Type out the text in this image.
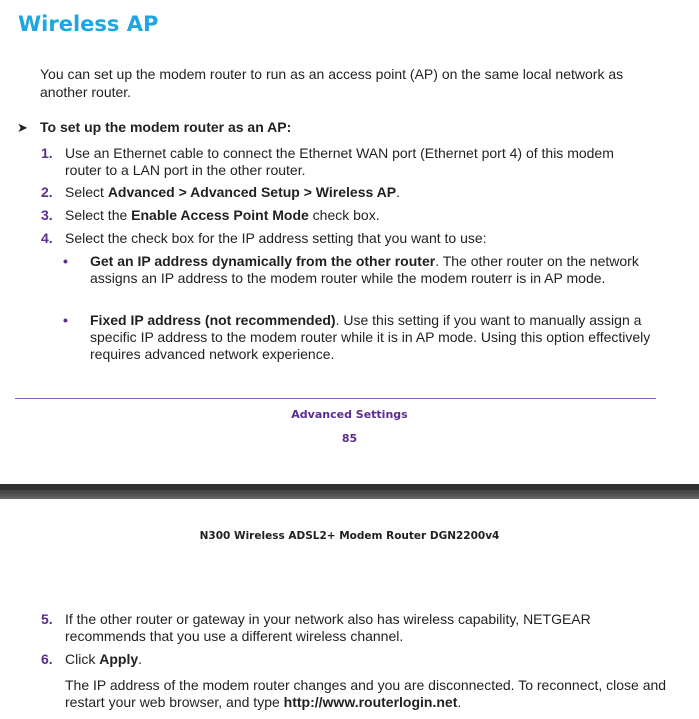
Wireless AP

You can set up the modem router to run as an access point (AP) on the same local network as another router.

➤ To set up the modem router as an AP:

1. Use an Ethernet cable to connect the Ethernet WAN port (Ethernet port 4) of this modem router to a LAN port in the other router.

2. Select Advanced > Advanced Setup > Wireless AP.

3. Select the Enable Access Point Mode check box.

4. Select the check box for the IP address setting that you want to use:

•	Get an IP address dynamically from the other router. The other router on the network assigns an IP address to the modem router while the modem routerr is in AP mode.

•	Fixed IP address (not recommended). Use this setting if you want to manually assign a specific IP address to the modem router while it is in AP mode. Using this option effectively requires advanced network experience.

Advanced Settings
85
N300 Wireless ADSL2+ Modem Router DGN2200v4

5. If the other router or gateway in your network also has wireless capability, NETGEAR recommends that you use a different wireless channel.

6. Click Apply.

The IP address of the modem router changes and you are disconnected. To reconnect, close and restart your web browser, and type http://www.routerlogin.net.
